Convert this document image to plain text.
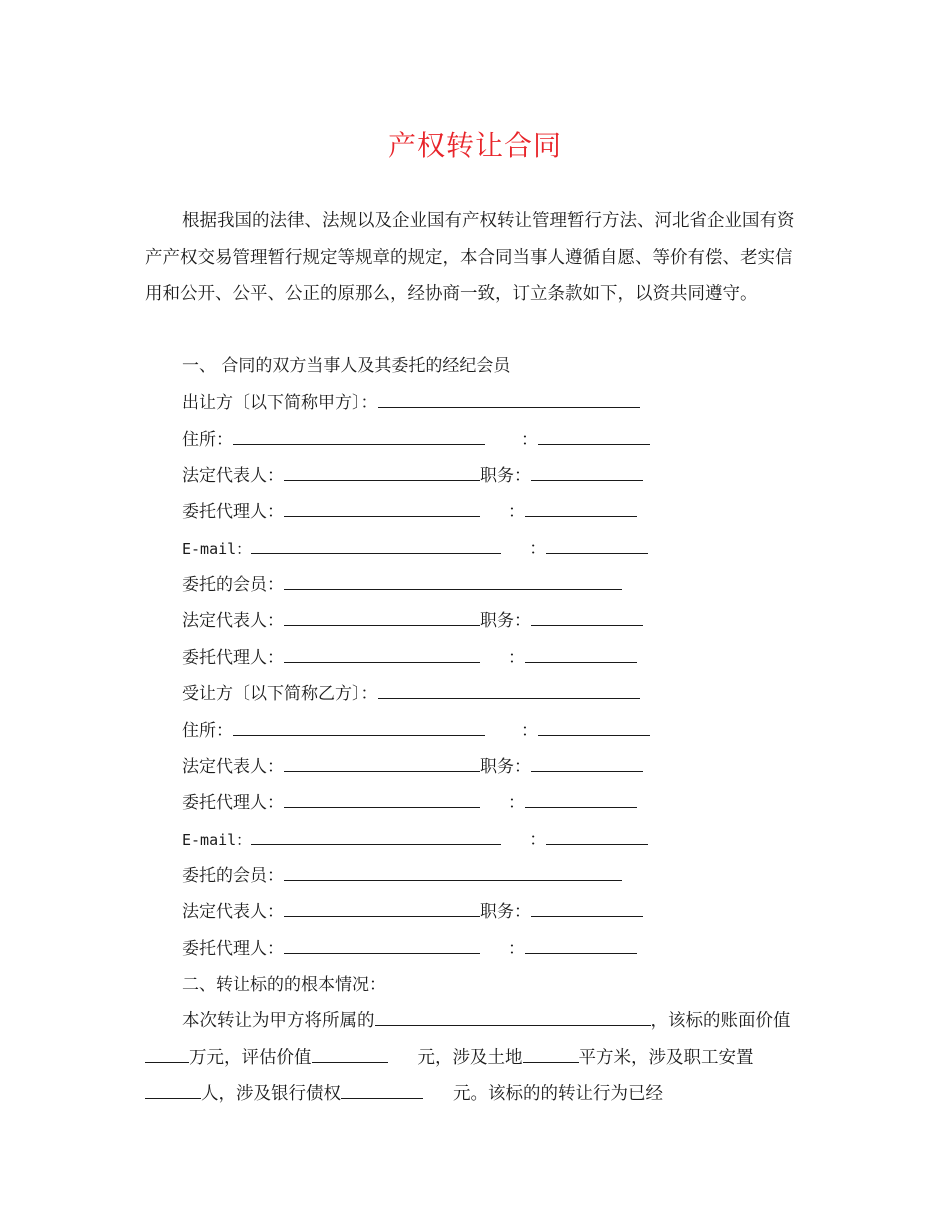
产权转让合同

根据我国的法律、法规以及企业国有产权转让管理暂行方法、河北省企业国有资产产权交易管理暂行规定等规章的规定，本合同当事人遵循自愿、等价有偿、老实信用和公开、公平、公正的原那么，经协商一致，订立条款如下，以资共同遵守。

一、 合同的双方当事人及其委托的经纪会员
出让方〔以下简称甲方〕：
住所：	：
法定代表人：	职务：
委托代理人：	：
E-mail：	：
委托的会员：
法定代表人：	职务：
委托代理人：	：
受让方〔以下简称乙方〕：
住所：	：
法定代表人：	职务：
委托代理人：	：
E-mail：	：
委托的会员：
法定代表人：	职务：
委托代理人：	：
二、转让标的的根本情况：

本次转让为甲方将所属的	，该标的账面价值万元，评估价值	元，涉及土地	平方米，涉及职工安置人，涉及银行债权	元。该标的的转让行为已经
